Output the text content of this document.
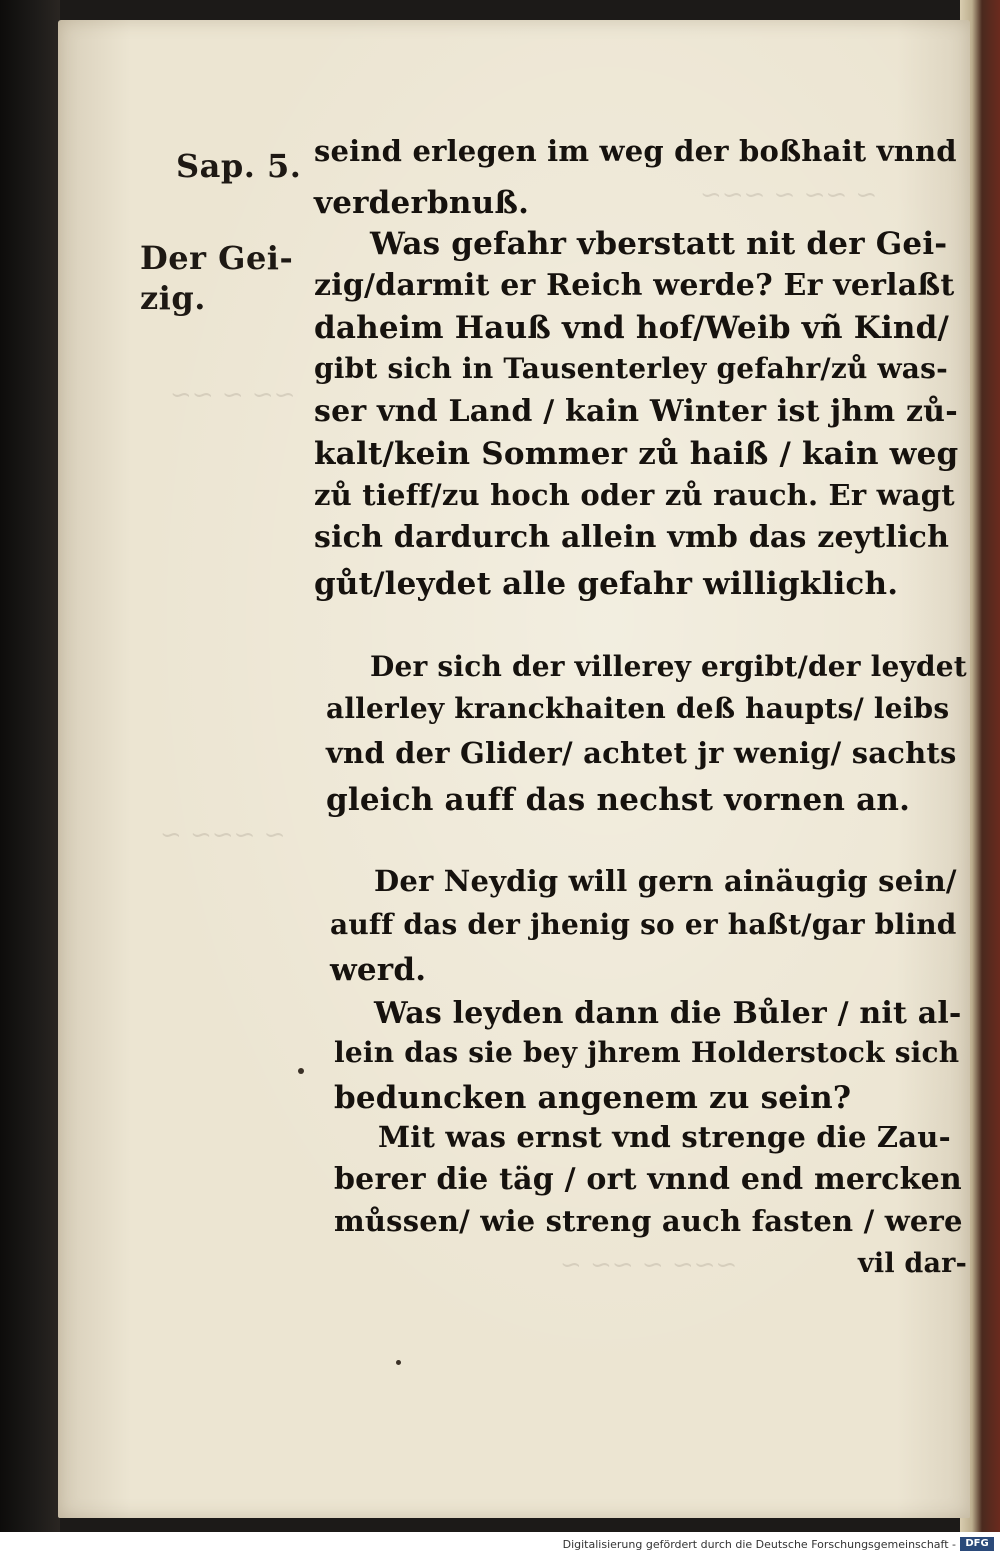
~ ~~ ~ ~~~
~~ ~ ~~
~ ~~~ ~
~~~ ~ ~~ ~
Sap. 5.
Der Gei-
zig.
seind erlegen im weg der boßhait vnnd
verderbnuß.
Was gefahr vberstatt nit der Gei-
zig/darmit er Reich werde? Er verlaßt
daheim Hauß vnd hof/Weib vñ Kind/
gibt sich in Tausenterley gefahr/zů was-
ser vnd Land / kain Winter ist jhm zů-
kalt/kein Sommer zů haiß / kain weg
zů tieff/zu hoch oder zů rauch. Er wagt
sich dardurch allein vmb das zeytlich
gůt/leydet alle gefahr willigklich.
Der sich der villerey ergibt/der leydet
allerley kranckhaiten deß haupts/ leibs
vnd der Glider/ achtet jr wenig/ sachts
gleich auff das nechst vornen an.
Der Neydig will gern ainäugig sein/
auff das der jhenig so er haßt/gar blind
werd.
Was leyden dann die Bůler / nit al-
lein das sie bey jhrem Holderstock sich
beduncken angenem zu sein?
Mit was ernst vnd strenge die Zau-
berer die täg / ort vnnd end mercken
můssen/ wie streng auch fasten / were
vil dar-
Digitalisierung gefördert durch die Deutsche Forschungsgemeinschaft - DFG
